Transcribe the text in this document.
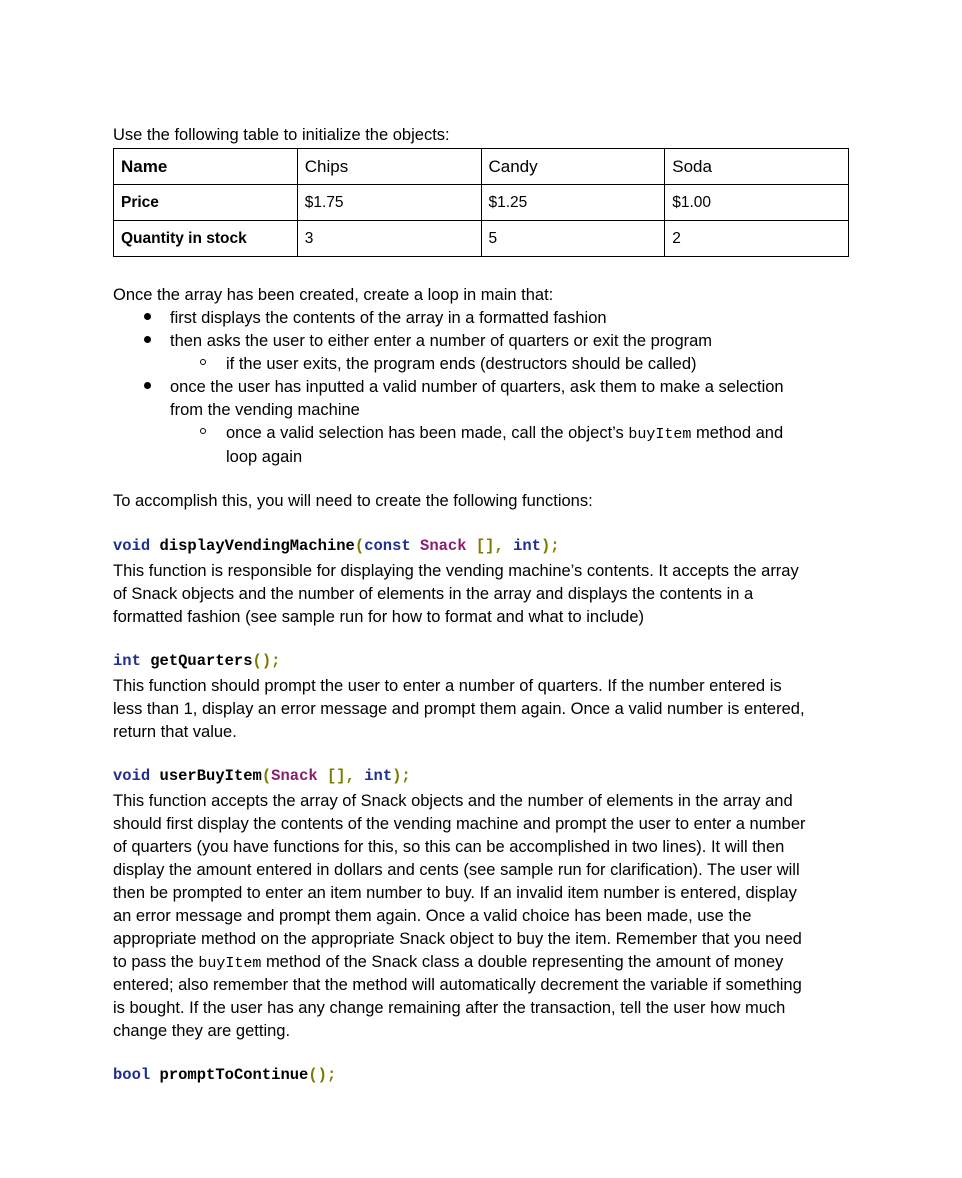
Use the following table to initialize the objects:

Name	Chips	Candy	Soda
Price	$1.75	$1.25	$1.00
Quantity in stock	3	5	2

Once the array has been created, create a loop in main that:

first displays the contents of the array in a formatted fashion

then asks the user to either enter a number of quarters or exit the program

if the user exits, the program ends (destructors should be called)

once the user has inputted a valid number of quarters, ask them to make a selection

from the vending machine

once a valid selection has been made, call the object’s buyItem method and

loop again

To accomplish this, you will need to create the following functions:

void displayVendingMachine(const Snack [], int);

This function is responsible for displaying the vending machine’s contents. It accepts the array

of Snack objects and the number of elements in the array and displays the contents in a

formatted fashion (see sample run for how to format and what to include)

int getQuarters();

This function should prompt the user to enter a number of quarters. If the number entered is

less than 1, display an error message and prompt them again. Once a valid number is entered,

return that value.

void userBuyItem(Snack [], int);

This function accepts the array of Snack objects and the number of elements in the array and

should first display the contents of the vending machine and prompt the user to enter a number

of quarters (you have functions for this, so this can be accomplished in two lines). It will then

display the amount entered in dollars and cents (see sample run for clarification). The user will

then be prompted to enter an item number to buy. If an invalid item number is entered, display

an error message and prompt them again. Once a valid choice has been made, use the

appropriate method on the appropriate Snack object to buy the item. Remember that you need

to pass the buyItem method of the Snack class a double representing the amount of money

entered; also remember that the method will automatically decrement the variable if something

is bought. If the user has any change remaining after the transaction, tell the user how much

change they are getting.

bool promptToContinue();
